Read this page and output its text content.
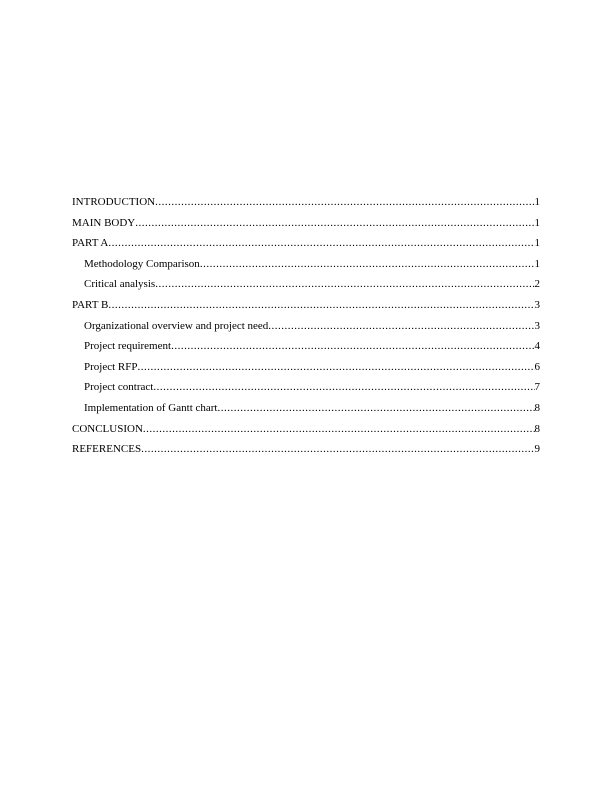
INTRODUCTION .....	1
MAIN BODY .....	1
PART A .....	1
Methodology Comparison .....	1
Critical analysis .....	2
PART B .....	3
Organizational overview and project need .....	3
Project requirement .....	4
Project RFP .....	6
Project contract .....	7
Implementation of Gantt chart .....	8
CONCLUSION .....	8
REFERENCES .....	9
